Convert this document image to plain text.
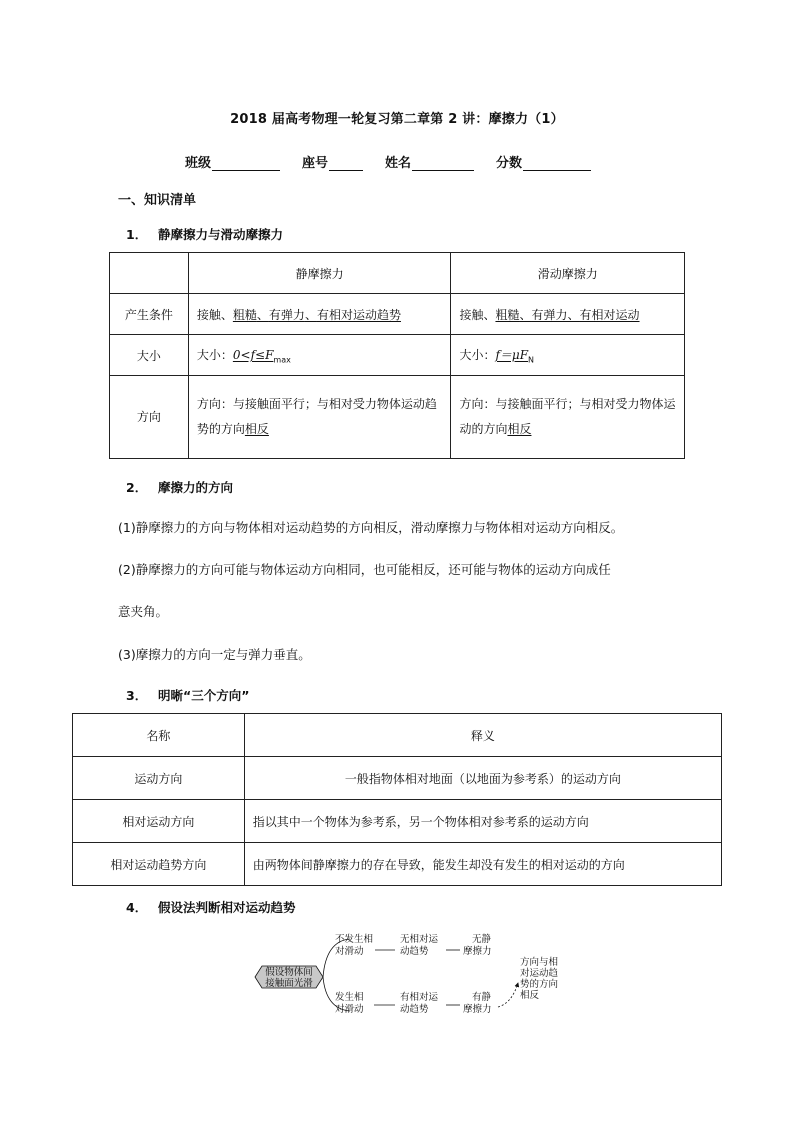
2018 届高考物理一轮复习第二章第 2 讲：摩擦力（1）
班级	座号	姓名	分数
一、知识清单
1． 静摩擦力与滑动摩擦力
	静摩擦力	滑动摩擦力
产生条件	接触、粗糙、有弹力、有相对运动趋势	接触、粗糙、有弹力、有相对运动
大小	大小：$0<f\le F_{max}$	大小：$f=\mu F_N$
方向	方向：与接触面平行；与相对受力物体运动趋势的方向相反	方向：与接触面平行；与相对受力物体运动的方向相反
2． 摩擦力的方向
(1)静摩擦力的方向与物体相对运动趋势的方向相反，滑动摩擦力与物体相对运动方向相反。
(2)静摩擦力的方向可能与物体运动方向相同，也可能相反，还可能与物体的运动方向成任
意夹角。
(3)摩擦力的方向一定与弹力垂直。
3． 明晰“三个方向”
名称	释义
运动方向	一般指物体相对地面（以地面为参考系）的运动方向
相对运动方向	指以其中一个物体为参考系，另一个物体相对参考系的运动方向
相对运动趋势方向	由两物体间静摩擦力的存在导致，能发生却没有发生的相对运动的方向
4． 假设法判断相对运动趋势
假设物体间
接触面光滑
不发生相
对滑动
无相对运
动趋势
无静
摩擦力
发生相
对滑动
有相对运
动趋势
有静
摩擦力
方向与相
对运动趋
势的方向
相反
